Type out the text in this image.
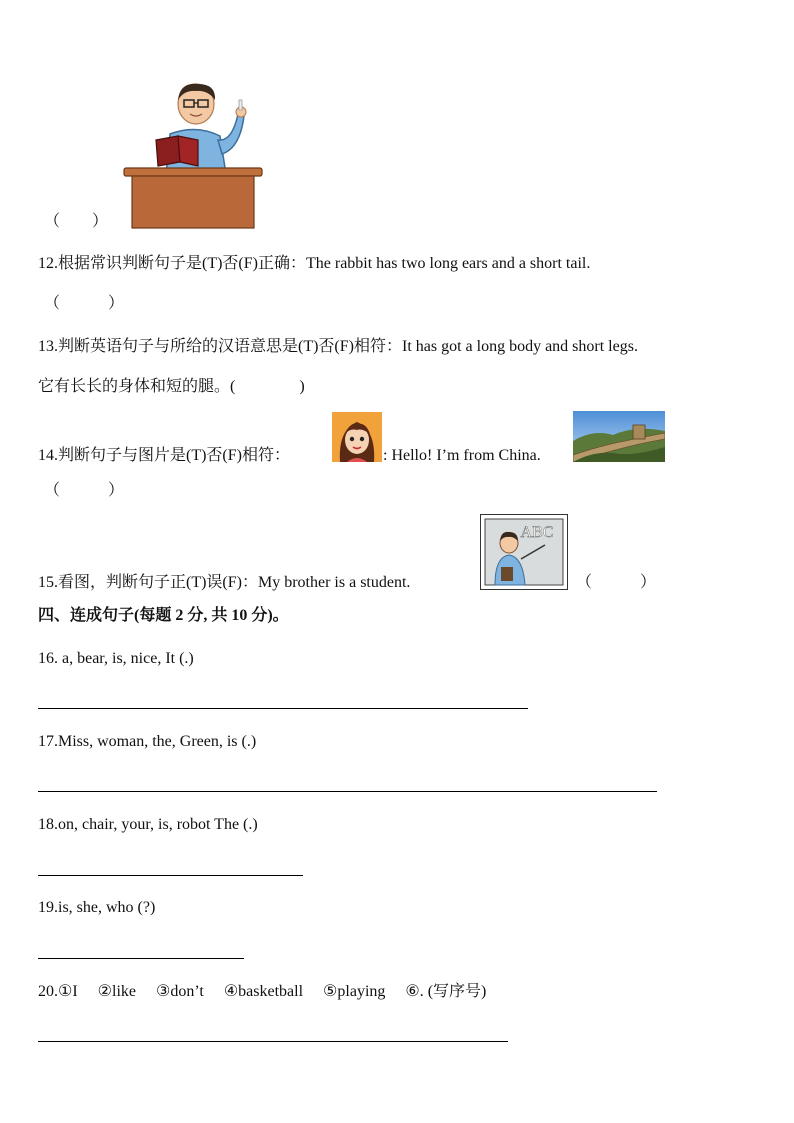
（　　）
12.根据常识判断句子是(T)否(F)正确：The rabbit has two long ears and a short tail.
（　　　）
13.判断英语句子与所给的汉语意思是(T)否(F)相符：It has got a long body and short legs.
它有长长的身体和短的腿。(　　　　)
14.判断句子与图片是(T)否(F)相符：	: Hello! I’m from China.
（　　　）
15.看图，判断句子正(T)误(F)：My brother is a student.
ABC
（　　　）
四、连成句子(每题 2 分, 共 10 分)。
16. a, bear, is, nice, It (.)
17.Miss, woman, the, Green, is (.)
18.on, chair, your, is, robot The (.)
19.is, she, who (?)
20.①I　 ②like　 ③don’t　 ④basketball　 ⑤playing　 ⑥. (写序号)
